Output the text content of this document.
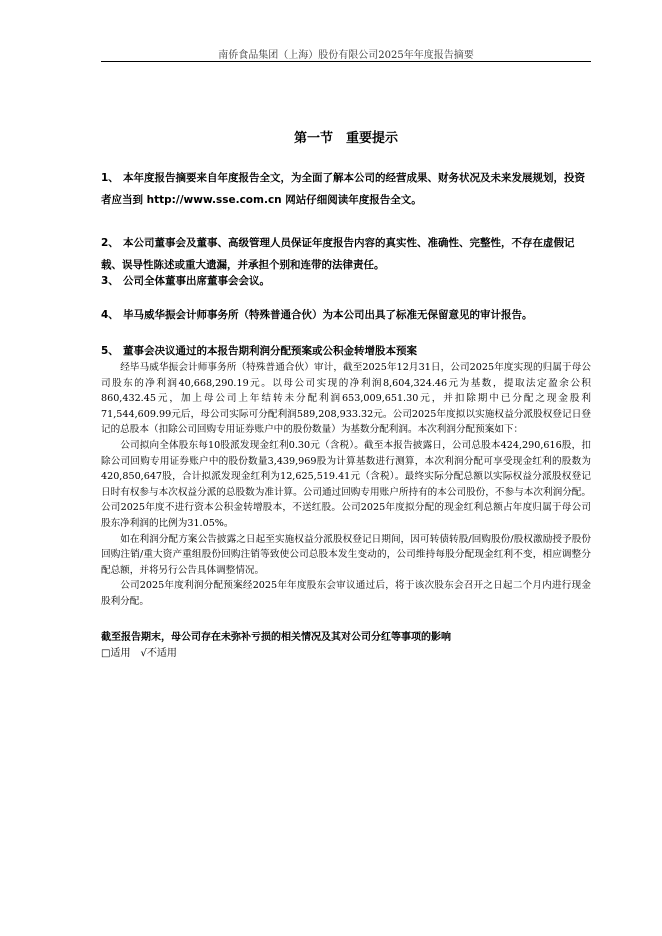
南侨食品集团（上海）股份有限公司2025年年度报告摘要
第一节　重要提示
1、 本年度报告摘要来自年度报告全文，为全面了解本公司的经营成果、财务状况及未来发展规划，投资者应当到 http://www.sse.com.cn 网站仔细阅读年度报告全文。
2、 本公司董事会及董事、高级管理人员保证年度报告内容的真实性、准确性、完整性，不存在虚假记载、误导性陈述或重大遗漏，并承担个别和连带的法律责任。
3、 公司全体董事出席董事会会议。
4、 毕马威华振会计师事务所（特殊普通合伙）为本公司出具了标准无保留意见的审计报告。
5、 董事会决议通过的本报告期利润分配预案或公积金转增股本预案

经毕马威华振会计师事务所（特殊普通合伙）审计，截至2025年12月31日，公司2025年度实现的归属于母公司股东的净利润40,668,290.19元。以母公司实现的净利润8,604,324.46元为基数，提取法定盈余公积860,432.45元，加上母公司上年结转未分配利润653,009,651.30元，并扣除期中已分配之现金股利71,544,609.99元后，母公司实际可分配利润589,208,933.32元。公司2025年度拟以实施权益分派股权登记日登记的总股本（扣除公司回购专用证券账户中的股份数量）为基数分配利润。本次利润分配预案如下：

公司拟向全体股东每10股派发现金红利0.30元（含税）。截至本报告披露日，公司总股本424,290,616股，扣除公司回购专用证券账户中的股份数量3,439,969股为计算基数进行测算，本次利润分配可享受现金红利的股数为420,850,647股，合计拟派发现金红利为12,625,519.41元（含税）。最终实际分配总额以实际权益分派股权登记日时有权参与本次权益分派的总股数为准计算。公司通过回购专用账户所持有的本公司股份，不参与本次利润分配。公司2025年度不进行资本公积金转增股本，不送红股。公司2025年度拟分配的现金红利总额占年度归属于母公司股东净利润的比例为31.05%。

如在利润分配方案公告披露之日起至实施权益分派股权登记日期间，因可转债转股/回购股份/股权激励授予股份回购注销/重大资产重组股份回购注销等致使公司总股本发生变动的，公司维持每股分配现金红利不变，相应调整分配总额，并将另行公告具体调整情况。

公司2025年度利润分配预案经2025年年度股东会审议通过后，将于该次股东会召开之日起二个月内进行现金股利分配。

截至报告期末，母公司存在未弥补亏损的相关情况及其对公司分红等事项的影响
□适用 √不适用
